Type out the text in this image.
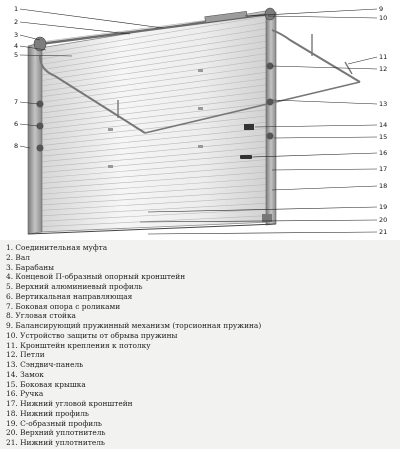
1
2
3
4
5
6
7
8
9
10
11
12
13
14
15
16
17
18
19
20
21
1. Соединительная муфта
2. Вал
3. Барабаны
4. Концевой П-образный опорный кронштейн
5. Верхний алюминиевый профиль
6. Вертикальная направляющая
7. Боковая опора с роликами
8. Угловая стойка
9. Балансирующий пружинный механизм (торсионная пружина)
10. Устройство защиты от обрыва пружины
11. Кронштейн крепления к потолку
12. Петли
13. Сэндвич-панель
14. Замок
15. Боковая крышка
16. Ручка
17. Нижний угловой кронштейн
18. Нижний профиль
19. С-образный профиль
20. Верхний уплотнитель
21. Нижний уплотнитель
